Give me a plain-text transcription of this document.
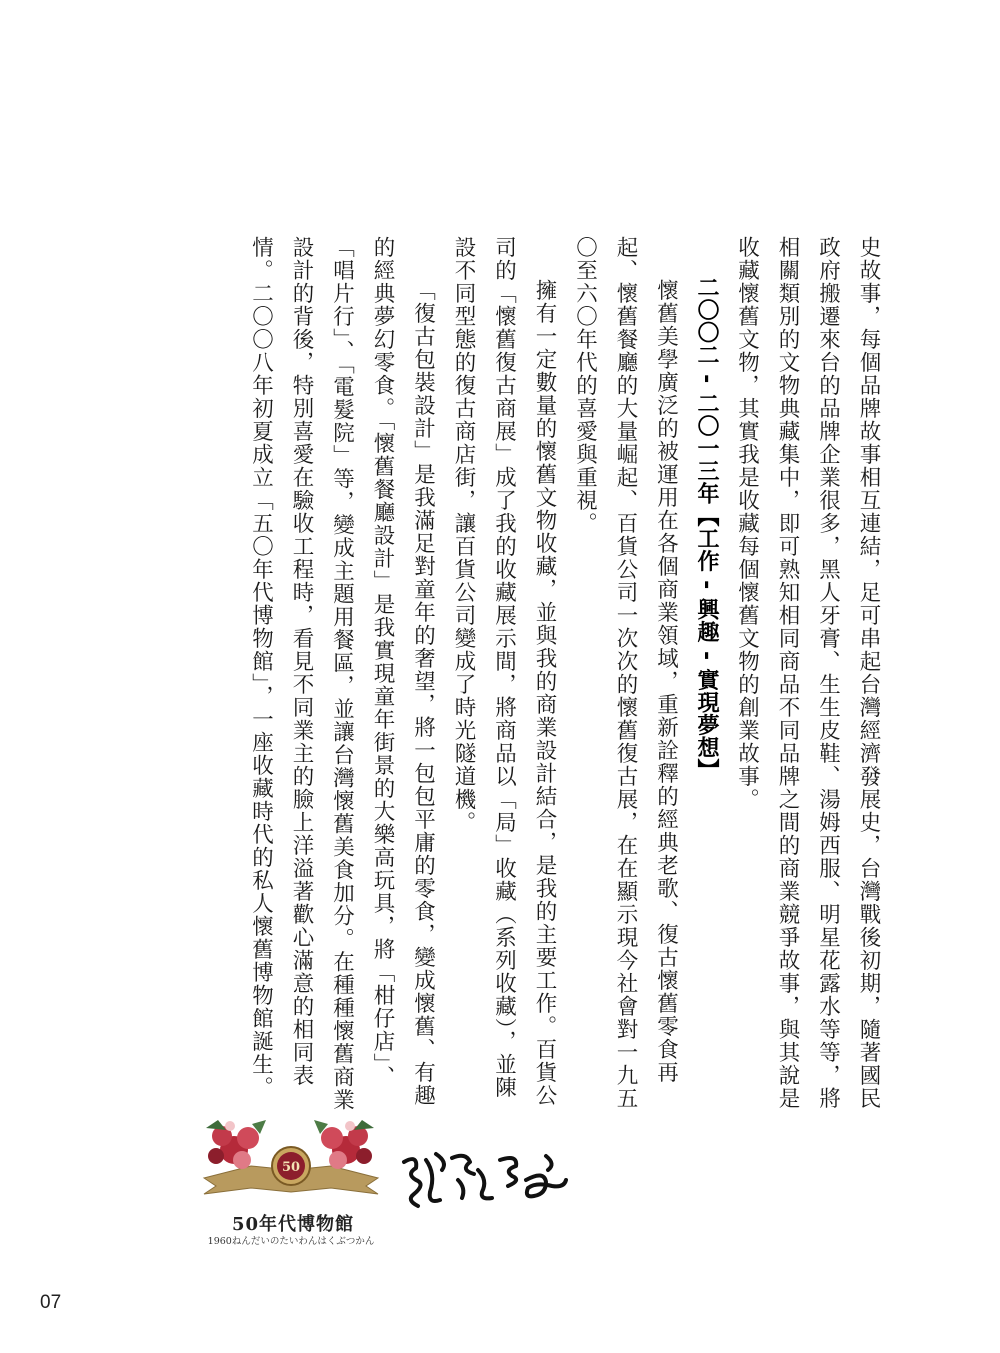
史故事，每個品牌故事相互連結，足可串起台灣經濟發展史，台灣戰後初期，隨著國民政府搬遷來台的品牌企業很多，黑人牙膏、生生皮鞋、湯姆西服、明星花露水等等，將相關類別的文物典藏集中，即可熟知相同商品不同品牌之間的商業競爭故事，與其說是收藏懷舊文物，其實我是收藏每個懷舊文物的創業故事。

二〇〇二 - 二〇一三年【工作 - 興趣 - 實現夢想】

懷舊美學廣泛的被運用在各個商業領域，重新詮釋的經典老歌、復古懷舊零食再起、懷舊餐廳的大量崛起、百貨公司一次次的懷舊復古展，在在顯示現今社會對一九五〇至六〇年代的喜愛與重視。

擁有一定數量的懷舊文物收藏，並與我的商業設計結合，是我的主要工作。百貨公司的「懷舊復古商展」成了我的收藏展示間，將商品以「局」收藏（系列收藏），並陳設不同型態的復古商店街，讓百貨公司變成了時光隧道機。

「復古包裝設計」是我滿足對童年的奢望，將一包包平庸的零食，變成懷舊、有趣的經典夢幻零食。「懷舊餐廳設計」是我實現童年街景的大樂高玩具，將「柑仔店」、「唱片行」、「電髮院」等，變成主題用餐區，並讓台灣懷舊美食加分。在種種懷舊商業設計的背後，特別喜愛在驗收工程時，看見不同業主的臉上洋溢著歡心滿意的相同表情。二〇〇八年初夏成立「五〇年代博物館」，一座收藏時代的私人懷舊博物館誕生。

50
50年代博物館
1960ねんだいのたいわんはくぶつかん
07
